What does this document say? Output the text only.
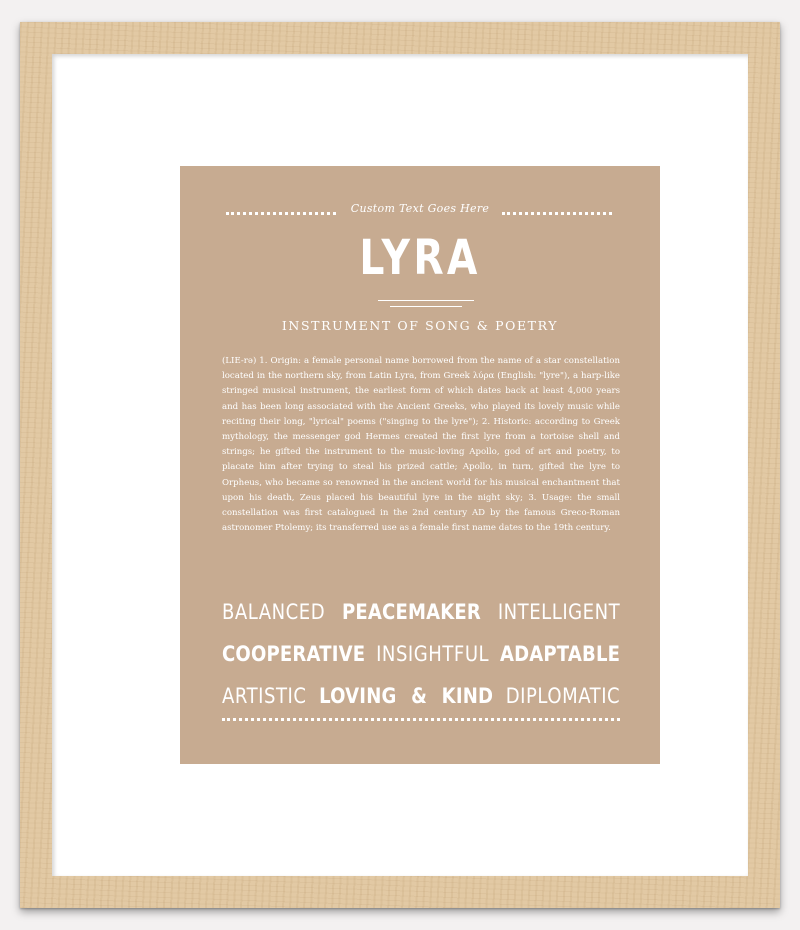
Custom Text Goes Here
LYRA
INSTRUMENT OF SONG & POETRY
(LIE-rə) 1. Origin: a female personal name borrowed from the name of a star constellation located in the northern sky, from Latin Lyra, from Greek λύρα (English: "lyre"), a harp-like stringed musical instrument, the earliest form of which dates back at least 4,000 years and has been long associated with the Ancient Greeks, who played its lovely music while reciting their long, "lyrical" poems ("singing to the lyre"); 2. Historic: according to Greek mythology, the messenger god Hermes created the first lyre from a tortoise shell and strings; he gifted the instrument to the music-loving Apollo, god of art and poetry, to placate him after trying to steal his prized cattle; Apollo, in turn, gifted the lyre to Orpheus, who became so renowned in the ancient world for his musical enchantment that upon his death, Zeus placed his beautiful lyre in the night sky; 3. Usage: the small constellation was first catalogued in the 2nd century AD by the famous Greco-Roman astronomer Ptolemy; its transferred use as a female first name dates to the 19th century.
BALANCED PEACEMAKER INTELLIGENT
COOPERATIVE INSIGHTFUL ADAPTABLE
ARTISTIC LOVING & KIND DIPLOMATIC
